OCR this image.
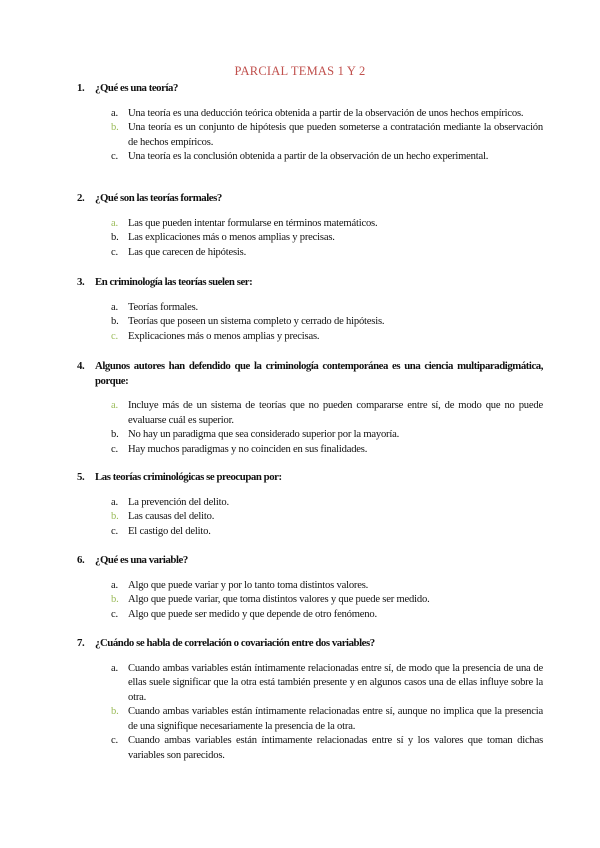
PARCIAL TEMAS 1 Y 2
1. ¿Qué es una teoría?
a. Una teoría es una deducción teórica obtenida a partir de la observación de unos hechos empíricos.
b. Una teoría es un conjunto de hipótesis que pueden someterse a contratación mediante la observación de hechos empíricos.
c. Una teoría es la conclusión obtenida a partir de la observación de un hecho experimental.
2. ¿Qué son las teorías formales?
a. Las que pueden intentar formularse en términos matemáticos.
b. Las explicaciones más o menos amplias y precisas.
c. Las que carecen de hipótesis.
3. En criminología las teorías suelen ser:
a. Teorías formales.
b. Teorías que poseen un sistema completo y cerrado de hipótesis.
c. Explicaciones más o menos amplias y precisas.
4. Algunos autores han defendido que la criminología contemporánea es una ciencia multiparadigmática, porque:
a. Incluye más de un sistema de teorías que no pueden compararse entre sí, de modo que no puede evaluarse cuál es superior.
b. No hay un paradigma que sea considerado superior por la mayoría.
c. Hay muchos paradigmas y no coinciden en sus finalidades.
5. Las teorías criminológicas se preocupan por:
a. La prevención del delito.
b. Las causas del delito.
c. El castigo del delito.
6. ¿Qué es una variable?
a. Algo que puede variar y por lo tanto toma distintos valores.
b. Algo que puede variar, que toma distintos valores y que puede ser medido.
c. Algo que puede ser medido y que depende de otro fenómeno.
7. ¿Cuándo se habla de correlación o covariación entre dos variables?
a. Cuando ambas variables están íntimamente relacionadas entre sí, de modo que la presencia de una de ellas suele significar que la otra está también presente y en algunos casos una de ellas influye sobre la otra.
b. Cuando ambas variables están íntimamente relacionadas entre sí, aunque no implica que la presencia de una signifique necesariamente la presencia de la otra.
c. Cuando ambas variables están íntimamente relacionadas entre sí y los valores que toman dichas variables son parecidos.
